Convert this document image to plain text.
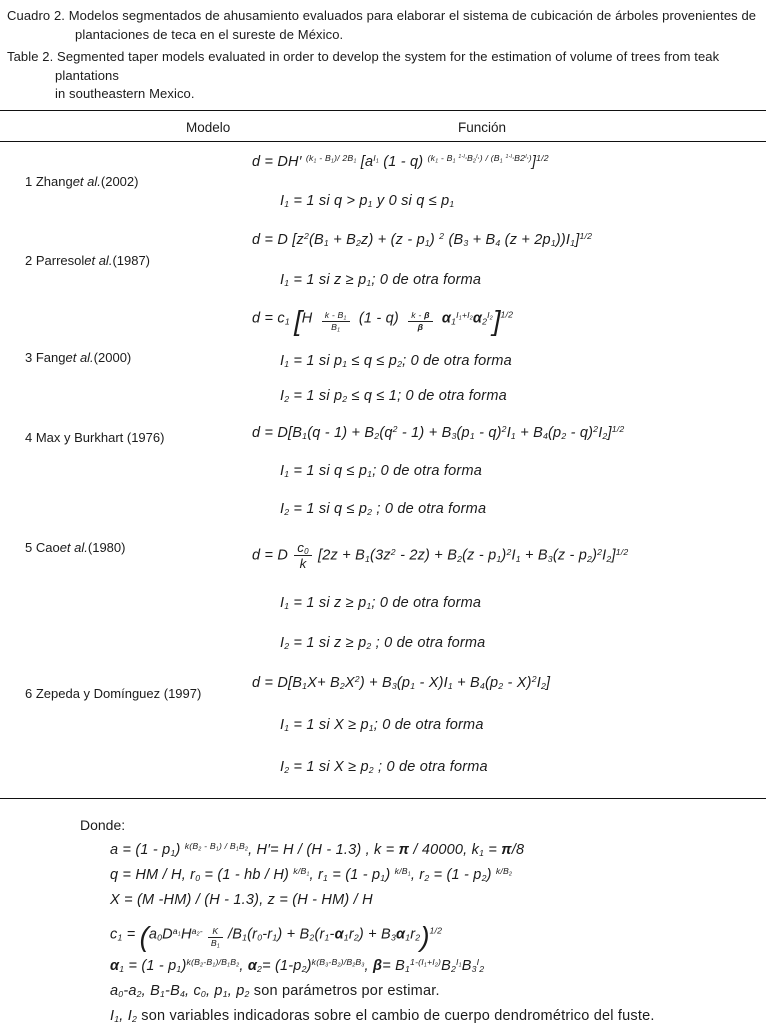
Cuadro 2. Modelos segmentados de ahusamiento evaluados para elaborar el sistema de cubicación de árboles provenientes de
plantaciones de teca en el sureste de México.
Table 2. Segmented taper models evaluated in order to develop the system for the estimation of volume of trees from teak plantations
in southeastern Mexico.
Modelo	Función
1 Zhang et al. (2002)
d = DH′ $^{(k_1 - B_1)/ 2B_1}$ [$a^{I_1}$ (1 - q) $^{(k_1 - B_1 ^{1-I_1}B_2^{I_1}) / (B_1 ^{1-I_1}B2^{I_1})}$]$^{1/2}$
$I_1 = 1$ si $q > p_1$ y 0 si $q \le p_1$
2 Parresol et al. (1987)
d = D [$z^2(B_1 + B_2z) + (z - p_1)$ $^2$ ($B_3 + B_4$ $(z + 2p_1))I_1]^{1/2}$
$I_1 = 1$ si $z \ge p_1$; 0 de otra forma
3 Fang et al. (2000)
$d = c_1$ $[H \frac{k - B_1}{B_1} (1 - q) \frac{k - \beta}{\beta} \alpha_1^{I_1+I_2}\alpha_2^{I_2}]^{1/2}$
$I_1 = 1$ si $p_1 \le q \le p_2$; 0 de otra forma
$I_2 = 1$ si $p_2 \le q \le 1$; 0 de otra forma
4 Max y Burkhart (1976)	$d = D[B_1(q - 1) + B_2(q^2 - 1) + B_3(p_1 - q)^2I_1 + B_4(p_2 - q)^2I_2]^{1/2}$
$I_1 = 1$ si $q \le p_1$; 0 de otra forma
$I_2 = 1$ si $q \le p_2$ ; 0 de otra forma
5 Cao et al. (1980)	d = D $\frac{c_0}{k} [2z + B_1(3z^2 - 2z) + B_2(z - p_1)^2I_1 + B_3(z - p_2)^2I_2]^{1/2}$
$I_1 = 1$ si $z \ge p_1$; 0 de otra forma
$I_2 = 1$ si $z \ge p_2$ ; 0 de otra forma
6 Zepeda y Domínguez (1997)
$d = D[B_1X+ B_2X^2) + B_3(p_1 - X)I_1 + B_4(p_2 - X)^2I_2$]
$I_1 = 1$ si $X \ge p_1$; 0 de otra forma
$I_2 = 1$ si $X \ge p_2$ ; 0 de otra forma
Donde:
$a = (1 - p_1)$ $^{k(B_2 - B_1) / B_1B_2}$, H′= H / (H - 1.3) , k = π / 40000, $k_1 = \pi/8$
q = HM / H, $r_0 = (1$ - hb / H) $^{k/B_1}$, $r_1 = (1 - p_1)$ $^{k/B_1}$, $r_2 = (1 - p_2)$ $^{k/B_2}$
X = (M -HM) / (H - 1.3), z = (H - HM) / H
$c_1 = (a_0D^{a_1}H^{a_2-} \frac{K}{B_1} /B_1(r_0-r_1) + B_2(r_1-\alpha_1r_2) + B_3\alpha_1r_2)^{1/2}$
$\alpha_1 = (1 - p_1)^{k(B_2-B_1)/B_1B_2}$, $\alpha_2= (1-p_2)^{k(B_3-B_2)/B_2B_3}$, $\beta= B_1^{1-(I_1+I_2)}B_2^{I_1}B_3^I_2$
$a_0-a_2$, $B_1-B_4$, $c_0$, $p_1$, $p_2$ son parámetros por estimar.
$I_1$, $I_2$ son variables indicadoras sobre el cambio de cuerpo dendrométrico del fuste.
